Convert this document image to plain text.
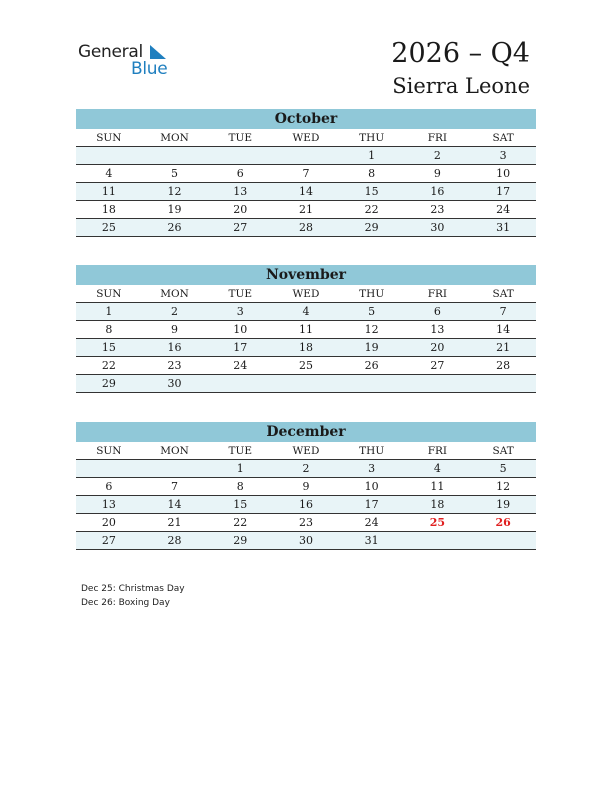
General
Blue	2026 – Q4
Sierra Leone
October
SUN	MON	TUE	WED	THU	FRI	SAT
				1	2	3
4	5	6	7	8	9	10
11	12	13	14	15	16	17
18	19	20	21	22	23	24
25	26	27	28	29	30	31
November
SUN	MON	TUE	WED	THU	FRI	SAT
1	2	3	4	5	6	7
8	9	10	11	12	13	14
15	16	17	18	19	20	21
22	23	24	25	26	27	28
29	30					
December
SUN	MON	TUE	WED	THU	FRI	SAT
		1	2	3	4	5
6	7	8	9	10	11	12
13	14	15	16	17	18	19
20	21	22	23	24	25	26
27	28	29	30	31		
Dec 25: Christmas Day
Dec 26: Boxing Day
